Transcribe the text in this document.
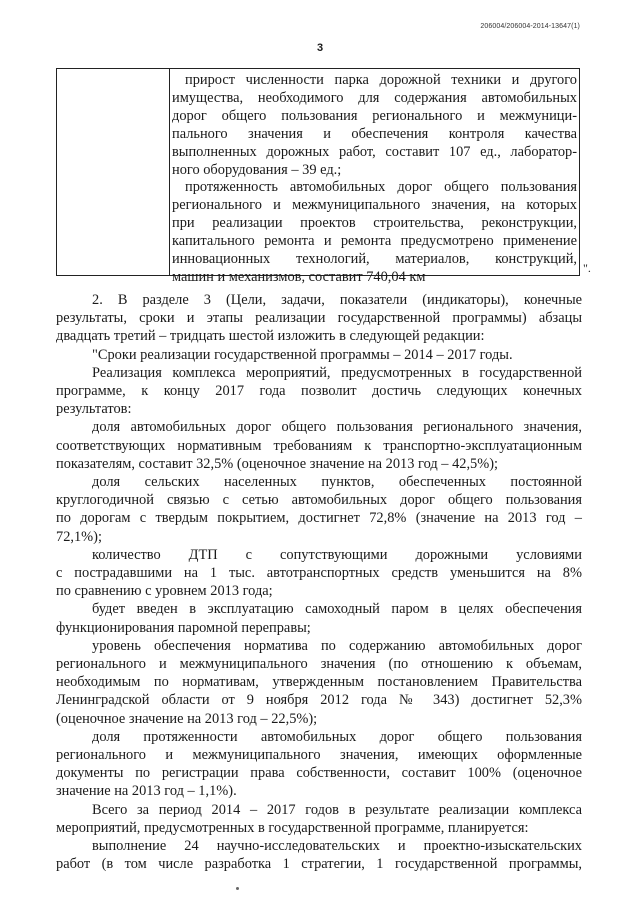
206004/206004-2014-13647(1)
3
прирост численности парка дорожной техники и другого
имущества, необходимого для содержания автомобильных
дорог общего пользования регионального и межмуници-
пального значения и обеспечения контроля качества
выполненных дорожных работ, составит 107 ед., лаборатор-
ного оборудования – 39 ед.;
протяженность автомобильных дорог общего пользования
регионального и межмуниципального значения, на которых
при реализации проектов строительства, реконструкции,
капитального ремонта и ремонта предусмотрено применение
инновационных технологий, материалов, конструкций,
машин и механизмов, составит 740,04 км
".
2. В разделе 3 (Цели, задачи, показатели (индикаторы), конечные
результаты, сроки и этапы реализации государственной программы) абзацы
двадцать третий – тридцать шестой изложить в следующей редакции:
"Сроки реализации государственной программы – 2014 – 2017 годы.
Реализация комплекса мероприятий, предусмотренных в государственной
программе, к концу 2017 года позволит достичь следующих конечных
результатов:
доля автомобильных дорог общего пользования регионального значения,
соответствующих нормативным требованиям к транспортно-эксплуатационным
показателям, составит 32,5% (оценочное значение на 2013 год – 42,5%);
доля сельских населенных пунктов, обеспеченных постоянной
круглогодичной связью с сетью автомобильных дорог общего пользования
по дорогам с твердым покрытием, достигнет 72,8% (значение на 2013 год –
72,1%);
количество ДТП с сопутствующими дорожными условиями
с пострадавшими на 1 тыс. автотранспортных средств уменьшится на 8%
по сравнению с уровнем 2013 года;
будет введен в эксплуатацию самоходный паром в целях обеспечения
функционирования паромной переправы;
уровень обеспечения норматива по содержанию автомобильных дорог
регионального и межмуниципального значения (по отношению к объемам,
необходимым по нормативам, утвержденным постановлением Правительства
Ленинградской области от 9 ноября 2012 года № 343) достигнет 52,3%
(оценочное значение на 2013 год – 22,5%);
доля протяженности автомобильных дорог общего пользования
регионального и межмуниципального значения, имеющих оформленные
документы по регистрации права собственности, составит 100% (оценочное
значение на 2013 год – 1,1%).
Всего за период 2014 – 2017 годов в результате реализации комплекса
мероприятий, предусмотренных в государственной программе, планируется:
выполнение 24 научно-исследовательских и проектно-изыскательских
работ (в том числе разработка 1 стратегии, 1 государственной программы,
